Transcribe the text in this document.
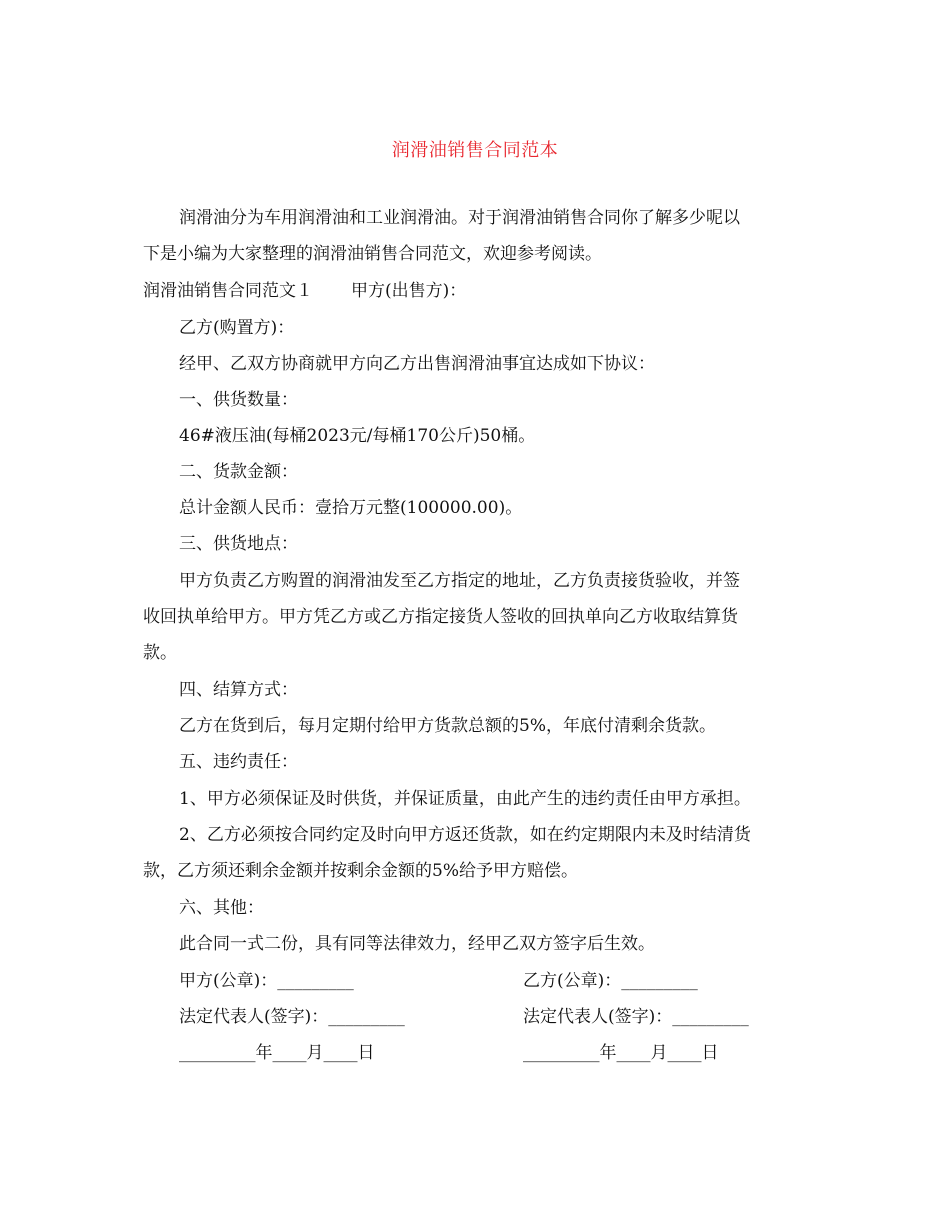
润滑油销售合同范本
润滑油分为车用润滑油和工业润滑油。对于润滑油销售合同你了解多少呢以
下是小编为大家整理的润滑油销售合同范文，欢迎参考阅读。
润滑油销售合同范文１ 甲方(出售方)：
乙方(购置方)：
经甲、乙双方协商就甲方向乙方出售润滑油事宜达成如下协议：
一、供货数量：
46#液压油(每桶2023元/每桶170公斤)50桶。
二、货款金额：
总计金额人民币：壹拾万元整(100000.00)。
三、供货地点：
甲方负责乙方购置的润滑油发至乙方指定的地址，乙方负责接货验收，并签
收回执单给甲方。甲方凭乙方或乙方指定接货人签收的回执单向乙方收取结算货
款。
四、结算方式：
乙方在货到后，每月定期付给甲方货款总额的5%，年底付清剩余货款。
五、违约责任：
1、甲方必须保证及时供货，并保证质量，由此产生的违约责任由甲方承担。
2、乙方必须按合同约定及时向甲方返还货款，如在约定期限内未及时结清货
款，乙方须还剩余金额并按剩余金额的5%给予甲方赔偿。
六、其他：
此合同一式二份，具有同等法律效力，经甲乙双方签字后生效。
甲方(公章)：_________	乙方(公章)：_________
法定代表人(签字)：_________	法定代表人(签字)：_________
_________年____月____日	_________年____月____日
